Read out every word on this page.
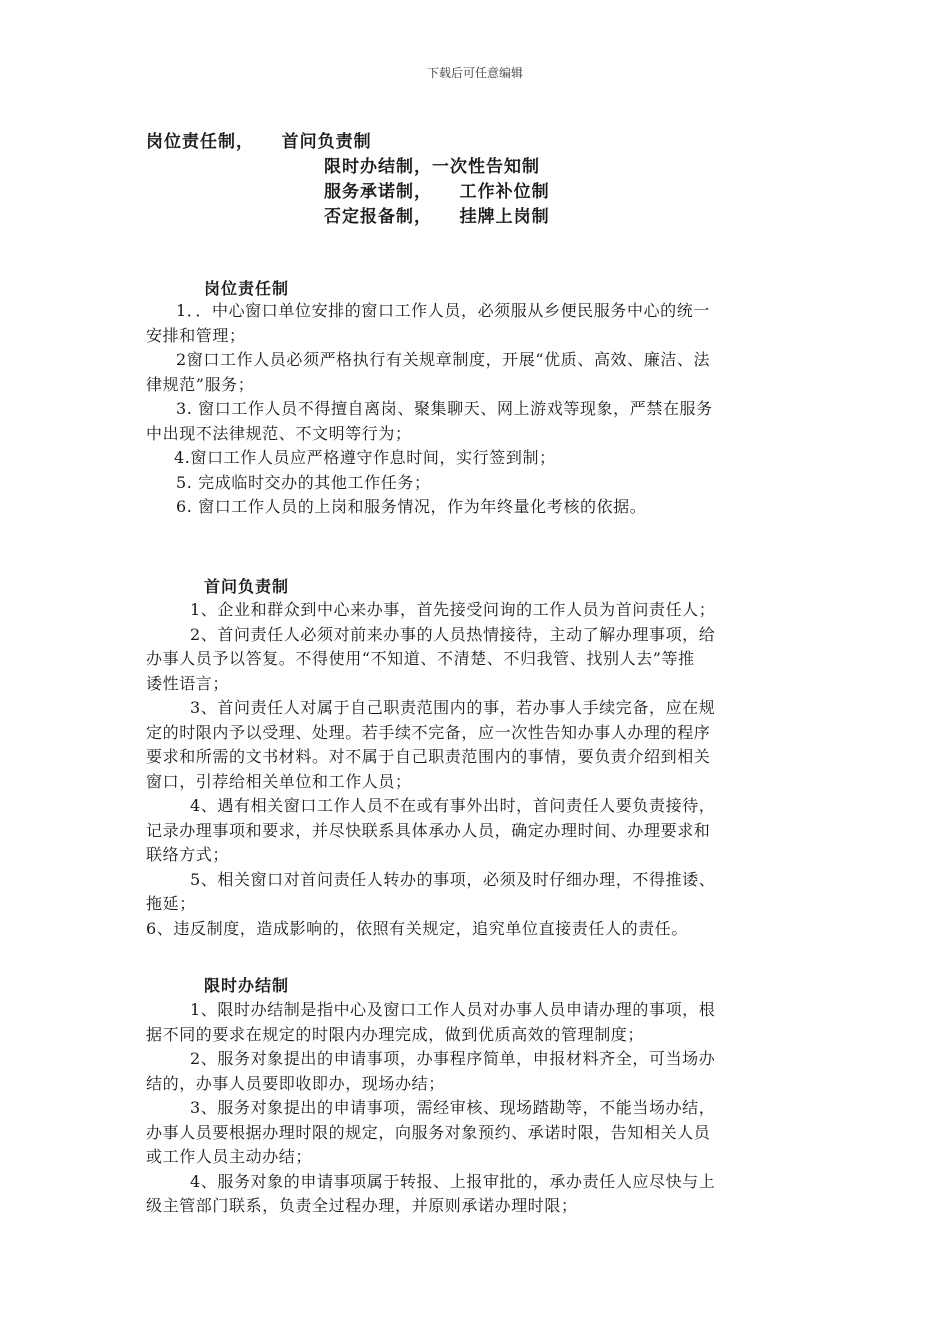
下载后可任意编辑
岗位责任制，    首问负责制
限时办结制，一次性告知制
服务承诺制，    工作补位制
否定报备制，    挂牌上岗制
岗位责任制
1．．中心窗口单位安排的窗口工作人员，必须服从乡便民服务中心的统一
安排和管理；
2窗口工作人员必须严格执行有关规章制度，开展“优质、高效、廉洁、法
律规范”服务；
3. 窗口工作人员不得擅自离岗、聚集聊天、网上游戏等现象，严禁在服务
中出现不法律规范、不文明等行为；
4.窗口工作人员应严格遵守作息时间，实行签到制；
5. 完成临时交办的其他工作任务；
6. 窗口工作人员的上岗和服务情况，作为年终量化考核的依据。
首问负责制
1、企业和群众到中心来办事，首先接受问询的工作人员为首问责任人；
2、首问责任人必须对前来办事的人员热情接待，主动了解办理事项，给
办事人员予以答复。不得使用“不知道、不清楚、不归我管、找别人去”等推
诿性语言；
3、首问责任人对属于自己职责范围内的事，若办事人手续完备，应在规
定的时限内予以受理、处理。若手续不完备，应一次性告知办事人办理的程序
要求和所需的文书材料。对不属于自己职责范围内的事情，要负责介绍到相关
窗口，引荐给相关单位和工作人员；
4、遇有相关窗口工作人员不在或有事外出时，首问责任人要负责接待，
记录办理事项和要求，并尽快联系具体承办人员，确定办理时间、办理要求和
联络方式；
5、相关窗口对首问责任人转办的事项，必须及时仔细办理，不得推诿、
拖延；
6、违反制度，造成影响的，依照有关规定，追究单位直接责任人的责任。
限时办结制
1、限时办结制是指中心及窗口工作人员对办事人员申请办理的事项，根
据不同的要求在规定的时限内办理完成，做到优质高效的管理制度；
2、服务对象提出的申请事项，办事程序简单，申报材料齐全，可当场办
结的，办事人员要即收即办，现场办结；
3、服务对象提出的申请事项，需经审核、现场踏勘等，不能当场办结，
办事人员要根据办理时限的规定，向服务对象预约、承诺时限，告知相关人员
或工作人员主动办结；
4、服务对象的申请事项属于转报、上报审批的，承办责任人应尽快与上
级主管部门联系，负责全过程办理，并原则承诺办理时限；
